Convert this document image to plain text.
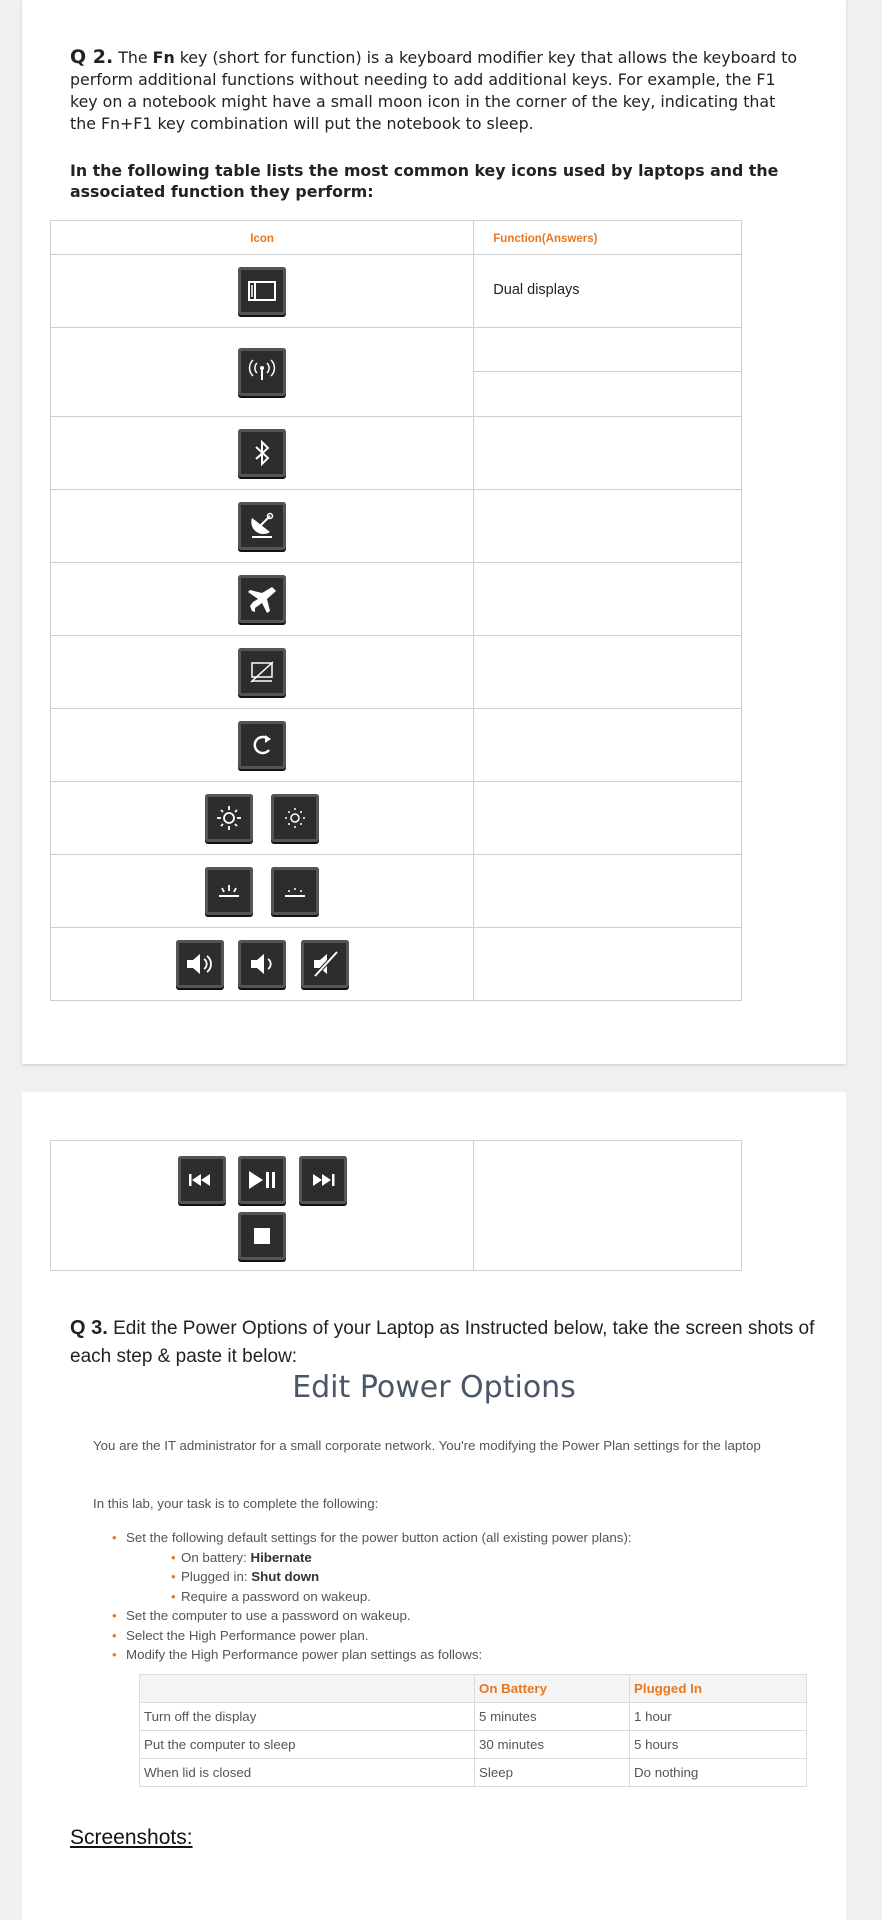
Q 2. The Fn key (short for function) is a keyboard modifier key that allows the keyboard to perform additional functions without needing to add additional keys. For example, the F1 key on a notebook might have a small moon icon in the corner of the key, indicating that the Fn+F1 key combination will put the notebook to sleep.
In the following table lists the most common key icons used by laptops and the associated function they perform:
Icon	Function(Answers)

Dual displays

Q 3. Edit the Power Options of your Laptop as Instructed below, take the screen shots of each step & paste it below:
Edit Power Options
You are the IT administrator for a small corporate network. You're modifying the Power Plan settings for the laptop
In this lab, your task is to complete the following:
• Set the following default settings for the power button action (all existing power plans):
• On battery: Hibernate
• Plugged in: Shut down
• Require a password on wakeup.
• Set the computer to use a password on wakeup.
• Select the High Performance power plan.
• Modify the High Performance power plan settings as follows:
	On Battery	Plugged In
Turn off the display	5 minutes	1 hour
Put the computer to sleep	30 minutes	5 hours
When lid is closed	Sleep	Do nothing
Screenshots:
